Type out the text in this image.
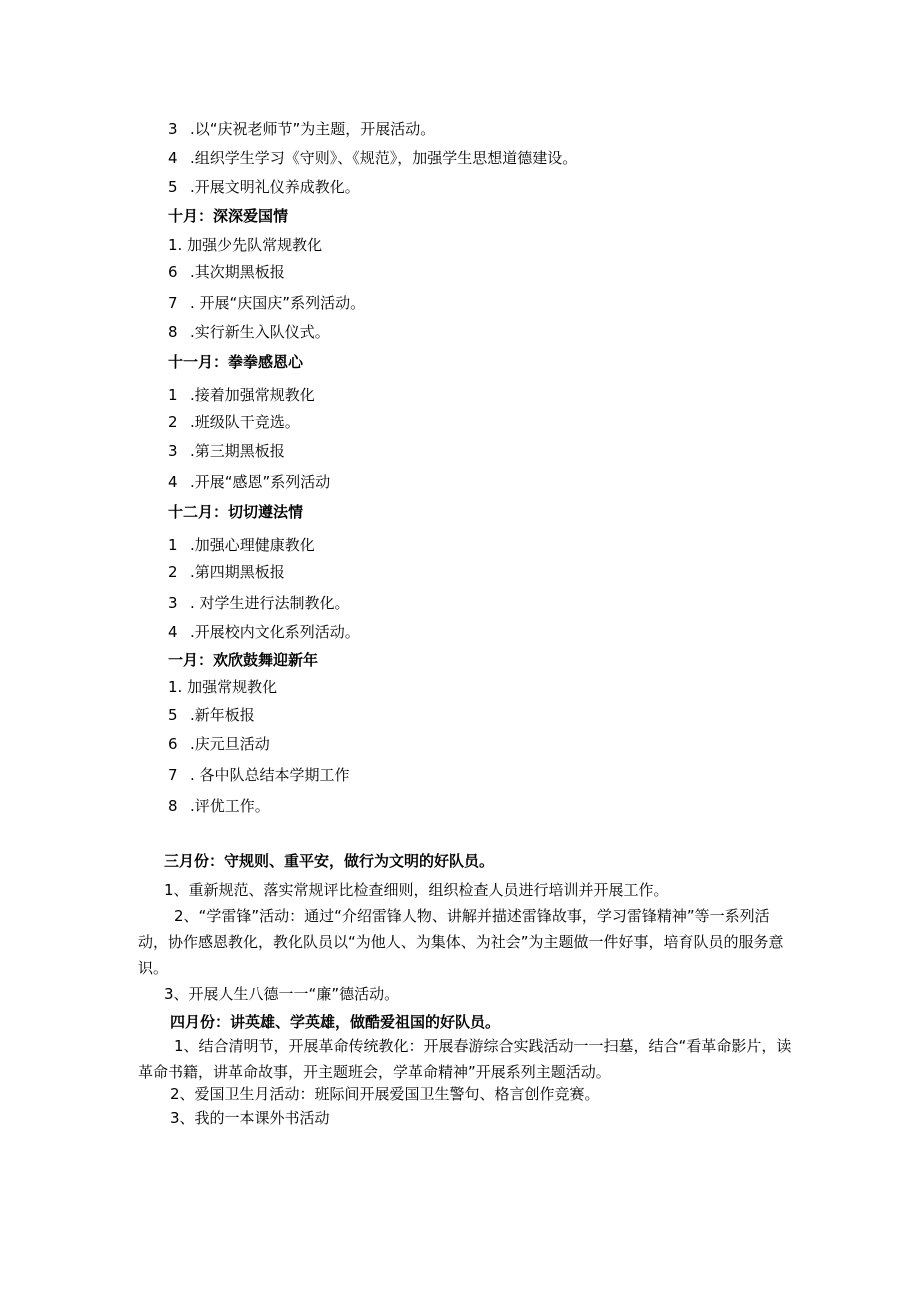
3 .以“庆祝老师节”为主题，开展活动。
4 .组织学生学习《守则》、《规范》，加强学生思想道德建设。
5 .开展文明礼仪养成教化。
十月：深深爱国情
1. 加强少先队常规教化
6 .其次期黑板报
7 . 开展“庆国庆”系列活动。
8 .实行新生入队仪式。
十一月：拳拳感恩心
1 .接着加强常规教化
2 .班级队干竞选。
3 .第三期黑板报
4 .开展“感恩”系列活动
十二月：切切遵法情
1 .加强心理健康教化
2 .第四期黑板报
3 . 对学生进行法制教化。
4 .开展校内文化系列活动。
一月：欢欣鼓舞迎新年
1. 加强常规教化
5 .新年板报
6 .庆元旦活动
7 . 各中队总结本学期工作
8 .评优工作。
三月份：守规则、重平安，做行为文明的好队员。
1、重新规范、落实常规评比检查细则，组织检查人员进行培训并开展工作。
2、“学雷锋”活动：通过“介绍雷锋人物、讲解并描述雷锋故事，学习雷锋精神”等一系列活动，协作感恩教化，教化队员以“为他人、为集体、为社会”为主题做一件好事，培育队员的服务意识。
3、开展人生八德一一“廉”德活动。
四月份：讲英雄、学英雄，做酷爱祖国的好队员。
1、结合清明节，开展革命传统教化：开展春游综合实践活动一一扫墓，结合“看革命影片，读革命书籍，讲革命故事，开主题班会，学革命精神”开展系列主题活动。
2、爱国卫生月活动：班际间开展爱国卫生警句、格言创作竞赛。
3、我的一本课外书活动
